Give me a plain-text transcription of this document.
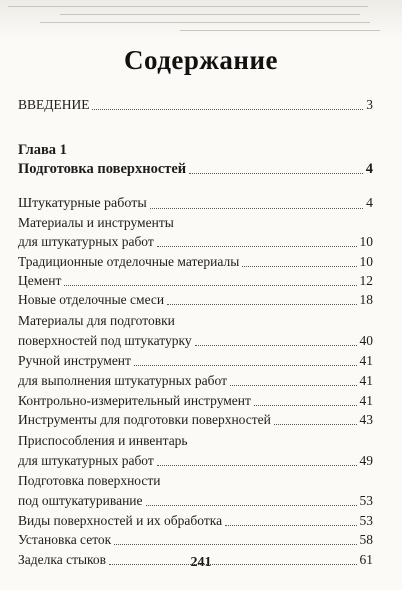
Содержание
ВВЕДЕНИЕ	3
Глава 1
Подготовка поверхностей	4
Штукатурные работы	4
Материалы и инструменты
для штукатурных работ	10
Традиционные отделочные материалы	10
Цемент	12
Новые отделочные смеси	18
Материалы для подготовки
поверхностей под штукатурку	40
Ручной инструмент	41
для выполнения штукатурных работ	41
Контрольно-измерительный инструмент	41
Инструменты для подготовки поверхностей	43
Приспособления и инвентарь
для штукатурных работ	49
Подготовка поверхности
под оштукатуривание	53
Виды поверхностей и их обработка	53
Установка сеток	58
Заделка стыков	61
241
